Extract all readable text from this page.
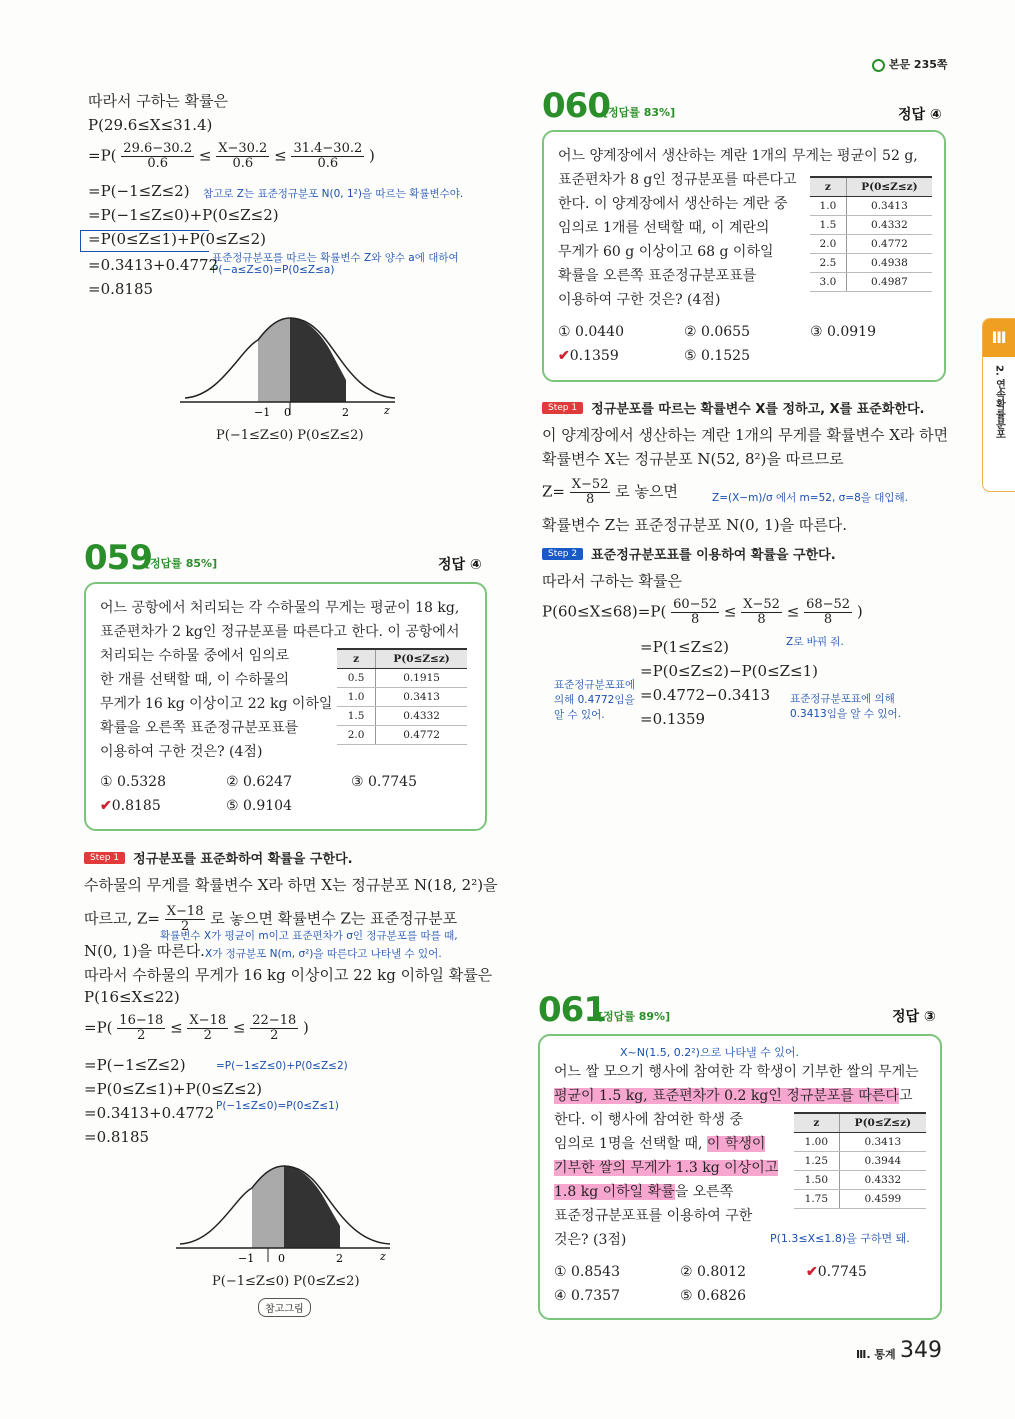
본문 235쪽
Ⅲ
2. 연속확률분포
따라서 구하는 확률은
P(29.6≤X≤31.4)
$=P( \frac{29.6-30.2}{0.6} \le \frac{X-30.2}{0.6} \le \frac{31.4-30.2}{0.6}$ )
=P(−1≤Z≤2) 참고로 Z는 표준정규분포 N(0, 1²)을 따르는 확률변수야.
=P(−1≤Z≤0)+P(0≤Z≤2)
=P(0≤Z≤1)+P(0≤Z≤2)
표준정규분포를 따르는 확률변수 Z와 양수 a에 대하여
P(−a≤Z≤0)=P(0≤Z≤a)
=0.3413+0.4772
=0.8185
−1 0	2	z
P(−1≤Z≤0) P(0≤Z≤2)
059
[정답률 85%]	정답 ④
어느 공항에서 처리되는 각 수하물의 무게는 평균이 18 kg,
표준편차가 2 kg인 정규분포를 따른다고 한다. 이 공항에서
처리되는 수하물 중에서 임의로
한 개를 선택할 때, 이 수하물의
무게가 16 kg 이상이고 22 kg 이하일
확률을 오른쪽 표준정규분포표를
이용하여 구한 것은? (4점)
z	P(0≤Z≤z)
0.5	0.1915
1.0	0.3413
1.5	0.4332
2.0	0.4772
① 0.5328	② 0.6247	③ 0.7745
✔0.8185	⑤ 0.9104
Step 1	정규분포를 표준화하여 확률을 구한다.
수하물의 무게를 확률변수 X라 하면 X는 정규분포 N(18, 2²)을
따르고, $Z= \frac{X-18}{2}$ 로 놓으면 확률변수 Z는 표준정규분포
확률변수 X가 평균이 m이고 표준편차가 σ인 정규분포를 따를 때,
N(0, 1)을 따른다. X가 정규분포 N(m, σ²)을 따른다고 나타낼 수 있어.
따라서 수하물의 무게가 16 kg 이상이고 22 kg 이하일 확률은
P(16≤X≤22)
$=P( \frac{16-18}{2} \le \frac{X-18}{2} \le \frac{22-18}{2}$ )
=P(−1≤Z≤2)	=P(−1≤Z≤0)+P(0≤Z≤2)
=P(0≤Z≤1)+P(0≤Z≤2)
P(−1≤Z≤0)=P(0≤Z≤1)
=0.3413+0.4772
=0.8185
−1 0	2	z
P(−1≤Z≤0) P(0≤Z≤2)
참고그림
060
[정답률 83%]	정답 ④
어느 양계장에서 생산하는 계란 1개의 무게는 평균이 52 g,
표준편차가 8 g인 정규분포를 따른다고
한다. 이 양계장에서 생산하는 계란 중
임의로 1개를 선택할 때, 이 계란의
무게가 60 g 이상이고 68 g 이하일
확률을 오른쪽 표준정규분포표를
이용하여 구한 것은? (4점)
z	P(0≤Z≤z)
1.0	0.3413
1.5	0.4332
2.0	0.4772
2.5	0.4938
3.0	0.4987
① 0.0440	② 0.0655	③ 0.0919
✔0.1359	⑤ 0.1525
Step 1	정규분포를 따르는 확률변수 X를 정하고, X를 표준화한다.
이 양계장에서 생산하는 계란 1개의 무게를 확률변수 X라 하면
확률변수 X는 정규분포 N(52, 8²)을 따르므로
$Z= \frac{X-52}{8}$ 로 놓으면	Z=(X−m)/σ 에서 m=52, σ=8을 대입해.
확률변수 Z는 표준정규분포 N(0, 1)을 따른다.
Step 2	표준정규분포표를 이용하여 확률을 구한다.
따라서 구하는 확률은
$P(60\le X\le 68)=P( \frac{60-52}{8} \le \frac{X-52}{8} \le \frac{68-52}{8}$ )
Z로 바꿔 줘.
=P(1≤Z≤2)
=P(0≤Z≤2)−P(0≤Z≤1)
=0.4772−0.3413
=0.1359
표준정규분포표에
의해 0.4772임을
알 수 있어.
표준정규분포표에 의해
0.3413임을 알 수 있어.
061
[정답률 89%]	정답 ③
X~N(1.5, 0.2²)으로 나타낼 수 있어.
어느 쌀 모으기 행사에 참여한 각 학생이 기부한 쌀의 무게는
평균이 1.5 kg, 표준편차가 0.2 kg인 정규분포를 따른다고
한다. 이 행사에 참여한 학생 중
임의로 1명을 선택할 때, 이 학생이
기부한 쌀의 무게가 1.3 kg 이상이고
1.8 kg 이하일 확률을 오른쪽
표준정규분포표를 이용하여 구한
것은? (3점)
z	P(0≤Z≤z)
1.00	0.3413
1.25	0.3944
1.50	0.4332
1.75	0.4599
P(1.3≤X≤1.8)을 구하면 돼.
① 0.8543	② 0.8012	✔0.7745
④ 0.7357	⑤ 0.6826
Ⅲ. 통계 349
